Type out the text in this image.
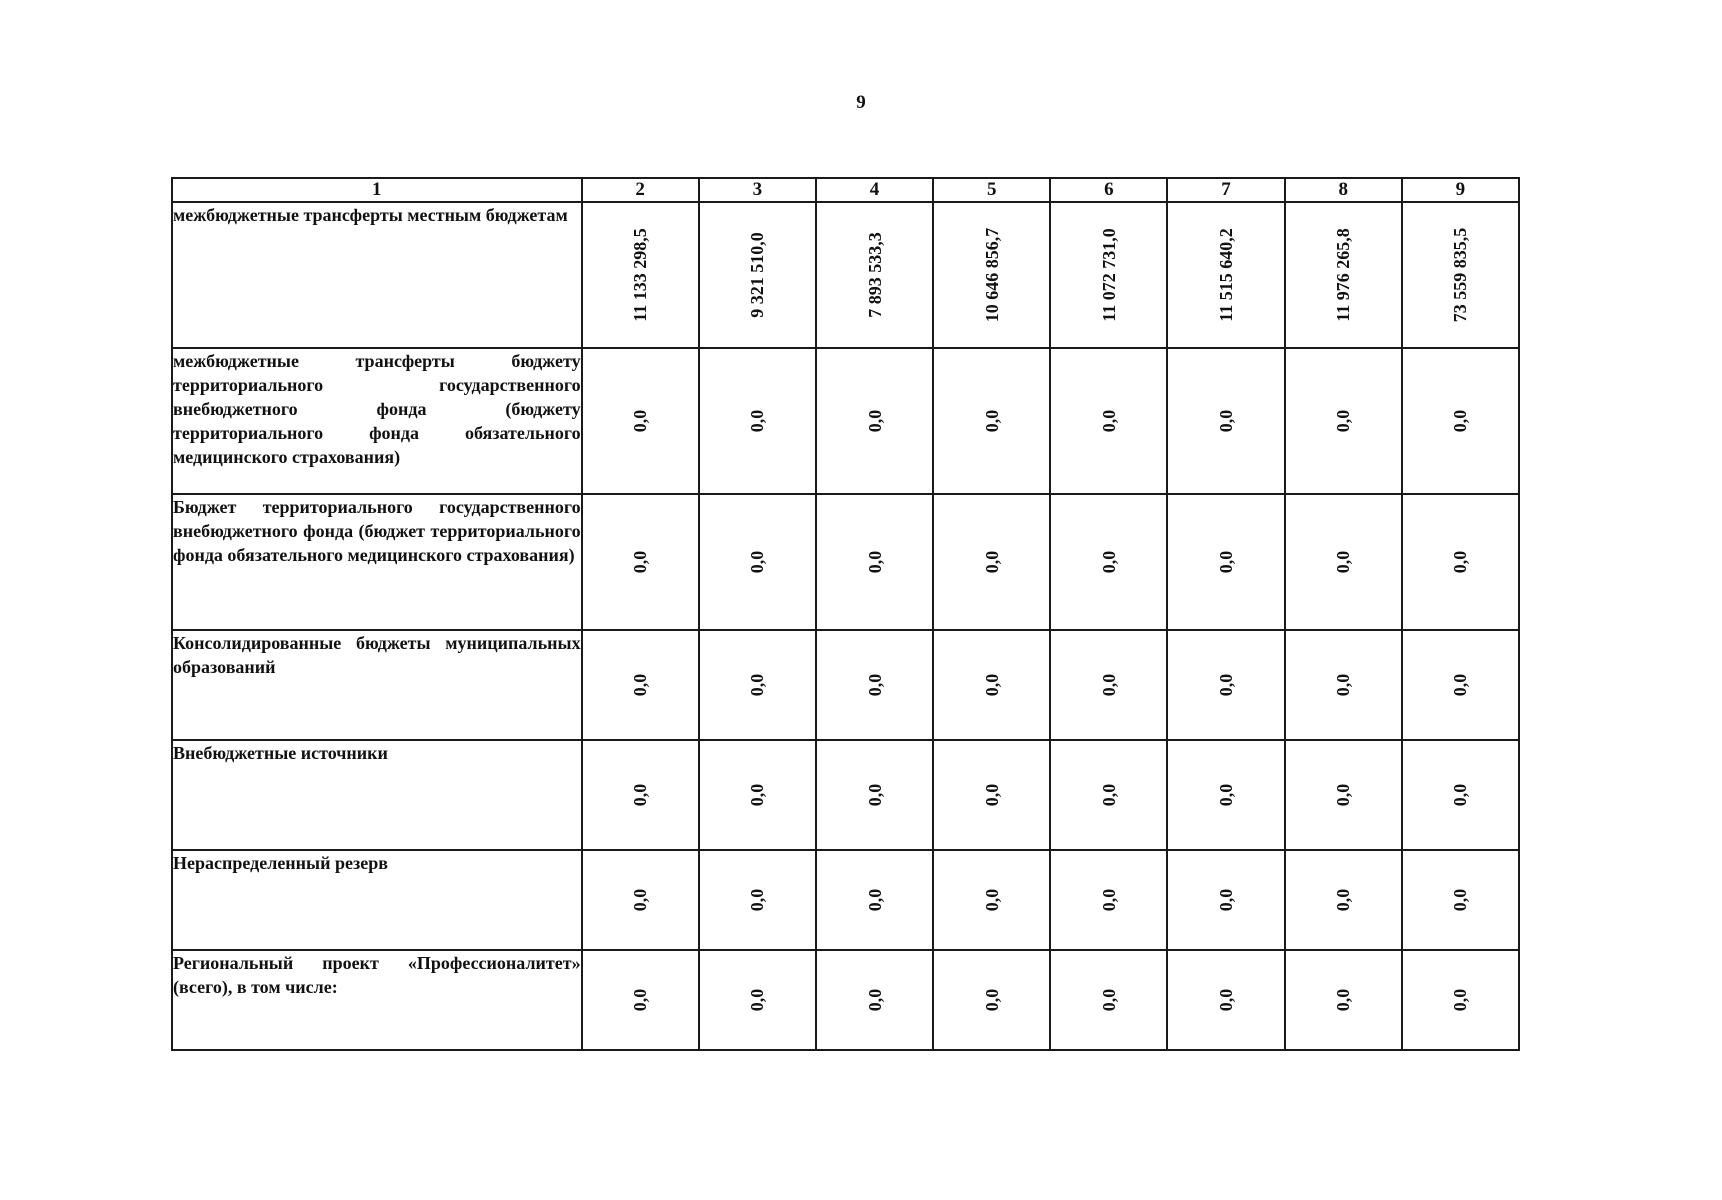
9
1	2	3	4	5	6	7	8	9
межбюджетные трансферты местным бюджетам	11 133 298,5	9 321 510,0	7 893 533,3	10 646 856,7	11 072 731,0	11 515 640,2	11 976 265,8	73 559 835,5

межбюджетные трансферты бюджету территориального государственного внебюджетного фонда (бюджету территориального фонда обязательного медицинского страхования)	0,0	0,0	0,0	0,0	0,0	0,0	0,0	0,0

Бюджет территориального государственного внебюджетного фонда (бюджет территориального фонда обязательного медицинского страхования)	0,0	0,0	0,0	0,0	0,0	0,0	0,0	0,0

Консолидированные бюджеты муниципальных образований	0,0	0,0	0,0	0,0	0,0	0,0	0,0	0,0

Внебюджетные источники	0,0	0,0	0,0	0,0	0,0	0,0	0,0	0,0

Нераспределенный резерв	0,0	0,0	0,0	0,0	0,0	0,0	0,0	0,0

Региональный проект «Профессионалитет» (всего), в том числе:	0,0	0,0	0,0	0,0	0,0	0,0	0,0	0,0
